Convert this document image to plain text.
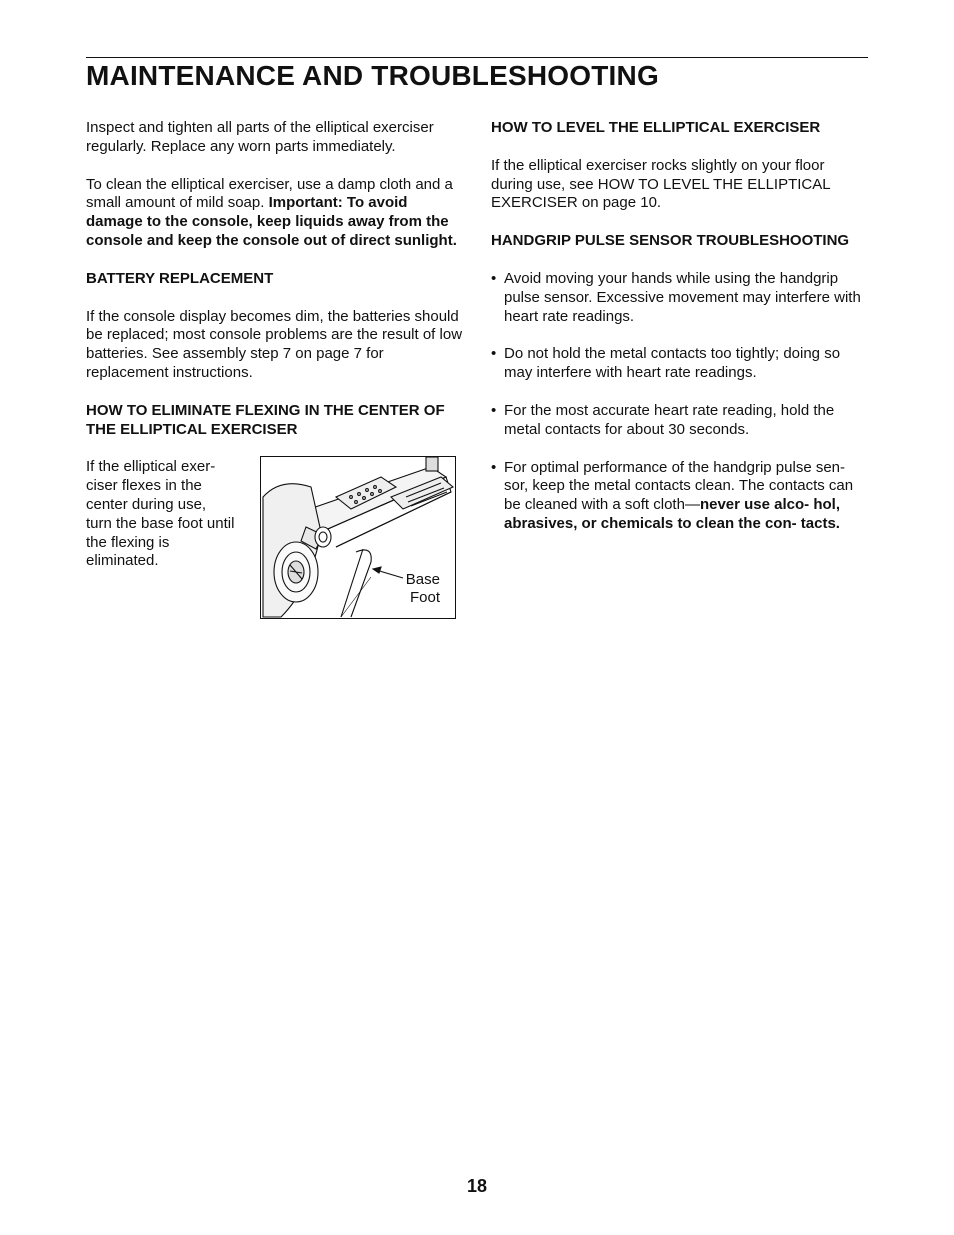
MAINTENANCE AND TROUBLESHOOTING

Inspect and tighten all parts of the elliptical exerciser regularly. Replace any worn parts immediately.

To clean the elliptical exerciser, use a damp cloth and a small amount of mild soap. Important: To avoid damage to the console, keep liquids away from the console and keep the console out of direct sunlight.

BATTERY REPLACEMENT

If the console display becomes dim, the batteries should be replaced; most console problems are the result of low batteries. See assembly step 7 on page 7 for replacement instructions.

HOW TO ELIMINATE FLEXING IN THE CENTER OF THE ELLIPTICAL EXERCISER
If the elliptical exer- ciser flexes in the center during use, turn the base foot until the flexing is eliminated.
Base
Foot
HOW TO LEVEL THE ELLIPTICAL EXERCISER

If the elliptical exerciser rocks slightly on your floor during use, see HOW TO LEVEL THE ELLIPTICAL EXERCISER on page 10.

HANDGRIP PULSE SENSOR TROUBLESHOOTING
• Avoid moving your hands while using the handgrip pulse sensor. Excessive movement may interfere with heart rate readings.
• Do not hold the metal contacts too tightly; doing so may interfere with heart rate readings.
• For the most accurate heart rate reading, hold the metal contacts for about 30 seconds.
• For optimal performance of the handgrip pulse sen- sor, keep the metal contacts clean. The contacts can be cleaned with a soft cloth—never use alco- hol, abrasives, or chemicals to clean the con- tacts.
18
